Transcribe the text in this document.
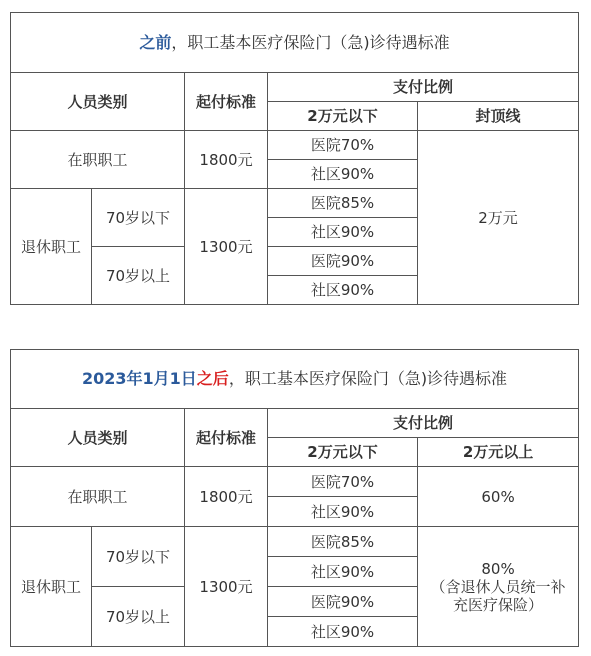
之前，职工基本医疗保险门（急)诊待遇标准				
人员类别		起付标准	支付比例	
			2万元以下	封顶线
在职职工		1800元	医院70%	2万元
			社区90%	
退休职工	70岁以下	1300元	医院85%	
			社区90%	
	70岁以上		医院90%	
			社区90%	
2023年1月1日之后，职工基本医疗保险门（急)诊待遇标准				
人员类别		起付标准	支付比例	
			2万元以下	2万元以上
在职职工		1800元	医院70%	60%
			社区90%	
退休职工	70岁以下	1300元	医院85%	80%
（含退休人员统一补
充医疗保险）

			社区90%	
	70岁以上		医院90%	
			社区90%	
